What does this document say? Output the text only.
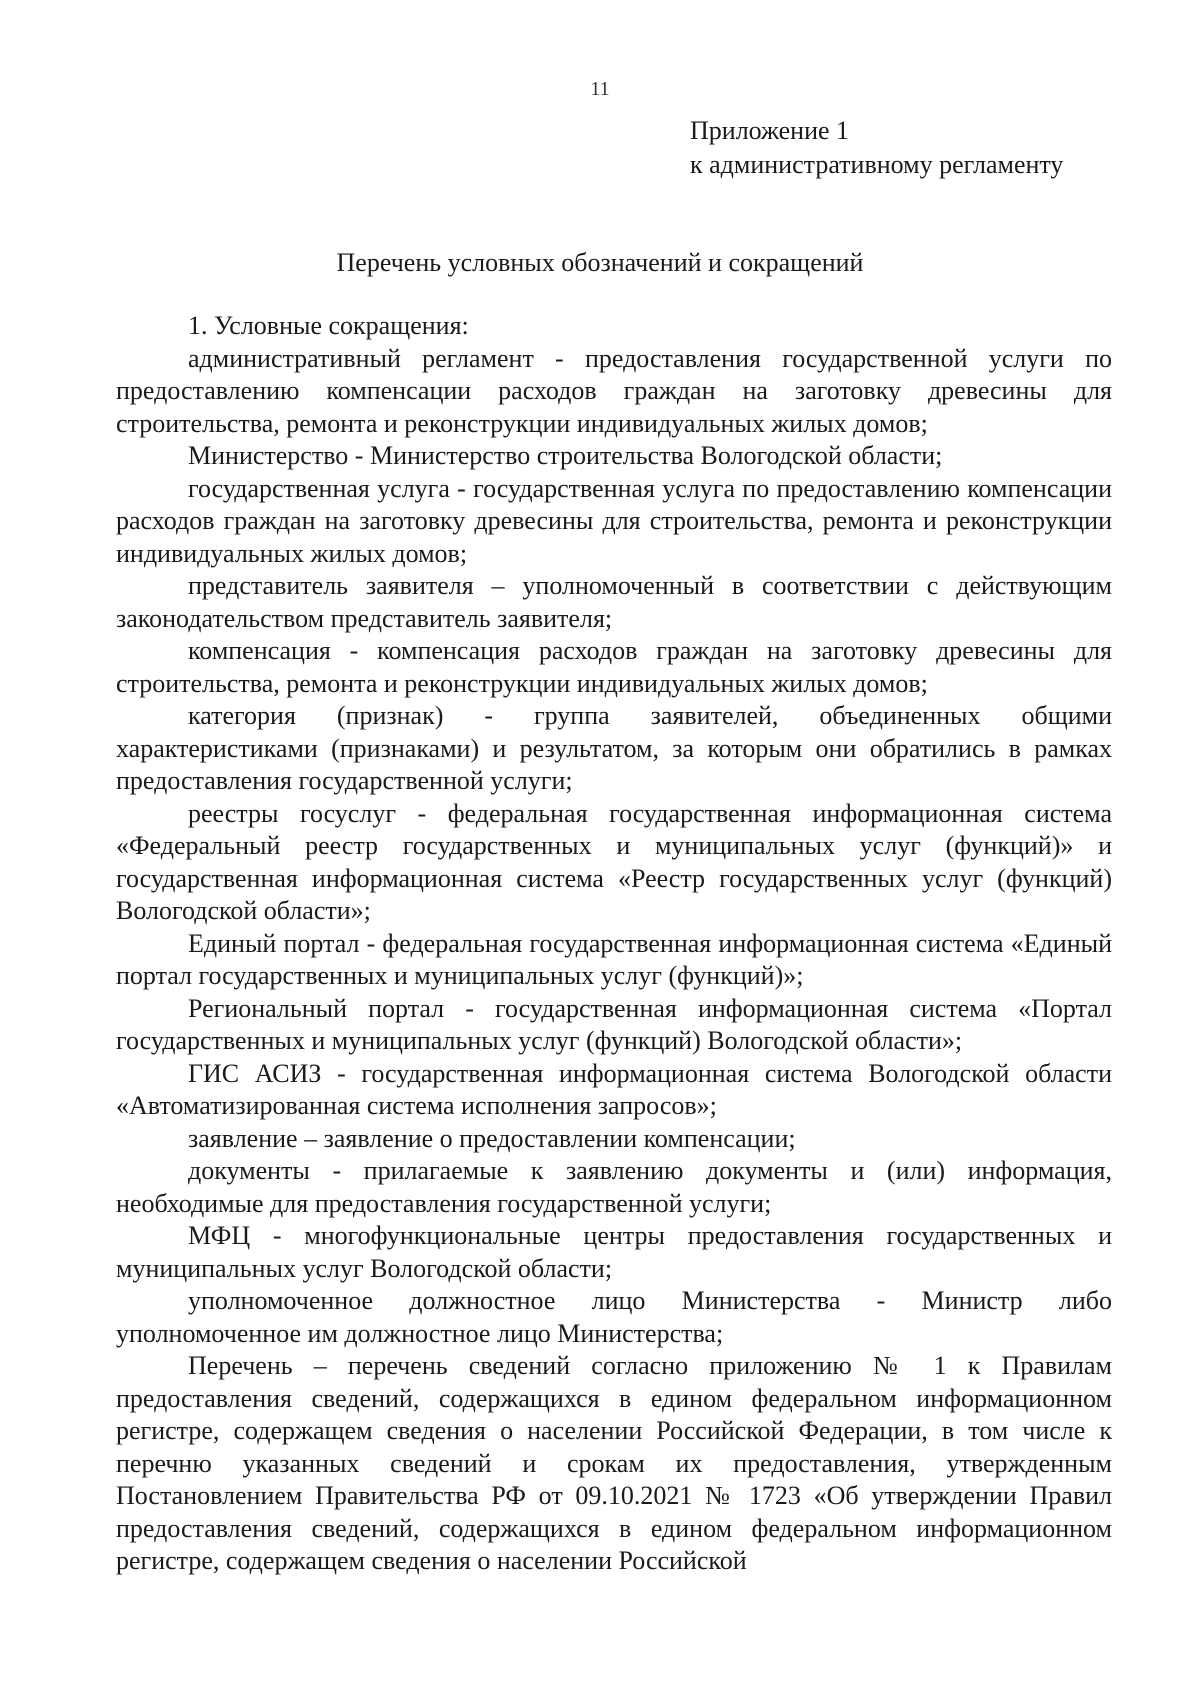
11
Приложение 1
к административному регламенту
Перечень условных обозначений и сокращений

1. Условные сокращения:

административный регламент - предоставления государственной услуги по предоставлению компенсации расходов граждан на заготовку древесины для строительства, ремонта и реконструкции индивидуальных жилых домов;

Министерство - Министерство строительства Вологодской области;

государственная услуга - государственная услуга по предоставлению компенсации расходов граждан на заготовку древесины для строительства, ремонта и реконструкции индивидуальных жилых домов;

представитель заявителя – уполномоченный в соответствии с действующим законодательством представитель заявителя;

компенсация - компенсация расходов граждан на заготовку древесины для строительства, ремонта и реконструкции индивидуальных жилых домов;

категория (признак) - группа заявителей, объединенных общими характеристиками (признаками) и результатом, за которым они обратились в рамках предоставления государственной услуги;

реестры госуслуг - федеральная государственная информационная система «Федеральный реестр государственных и муниципальных услуг (функций)» и государственная информационная система «Реестр государственных услуг (функций) Вологодской области»;

Единый портал - федеральная государственная информационная система «Единый портал государственных и муниципальных услуг (функций)»;

Региональный портал - государственная информационная система «Портал государственных и муниципальных услуг (функций) Вологодской области»;

ГИС АСИЗ - государственная информационная система Вологодской области «Автоматизированная система исполнения запросов»;

заявление – заявление о предоставлении компенсации;

документы - прилагаемые к заявлению документы и (или) информация, необходимые для предоставления государственной услуги;

МФЦ - многофункциональные центры предоставления государственных и муниципальных услуг Вологодской области;

уполномоченное должностное лицо Министерства - Министр либо уполномоченное им должностное лицо Министерства;

Перечень – перечень сведений согласно приложению № 1 к Правилам предоставления сведений, содержащихся в едином федеральном информационном регистре, содержащем сведения о населении Российской Федерации, в том числе к перечню указанных сведений и срокам их предоставления, утвержденным Постановлением Правительства РФ от 09.10.2021 № 1723 «Об утверждении Правил предоставления сведений, содержащихся в едином федеральном информационном регистре, содержащем сведения о населении Российской
